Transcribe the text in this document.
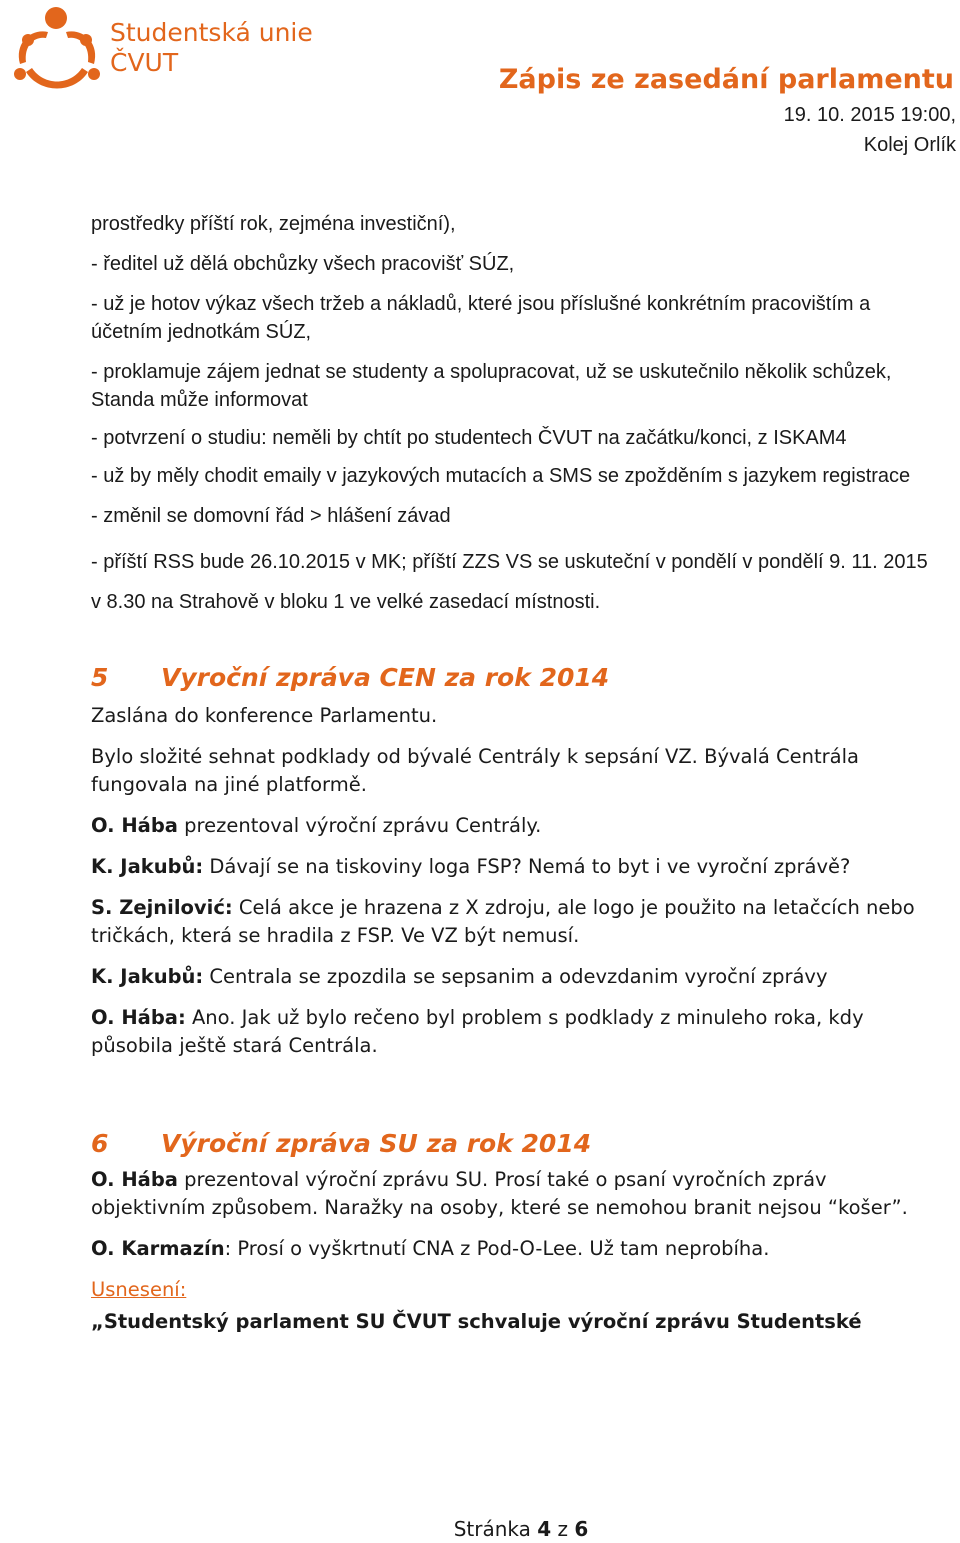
Studentská unie
ČVUT
Zápis ze zasedání parlamentu
19. 10. 2015 19:00,
Kolej Orlík

prostředky příští rok, zejména investiční),

- ředitel už dělá obchůzky všech pracovišť SÚZ,

- už je hotov výkaz všech tržeb a nákladů, které jsou příslušné konkrétním pracovištím a účetním jednotkám SÚZ,

- proklamuje zájem jednat se studenty a spolupracovat, už se uskutečnilo několik schůzek, Standa může informovat

- potvrzení o studiu: neměli by chtít po studentech ČVUT na začátku/konci, z ISKAM4

- už by měly chodit emaily v jazykových mutacích a SMS se zpožděním s jazykem registrace

- změnil se domovní řád > hlášení závad

- příští RSS bude 26.10.2015 v MK; příští ZZS VS se uskuteční v pondělí v pondělí 9. 11. 2015 v 8.30 na Strahově v bloku 1 ve velké zasedací místnosti.

5 Vyroční zpráva CEN za rok 2014

Zaslána do konference Parlamentu.

Bylo složité sehnat podklady od bývalé Centrály k sepsání VZ. Bývalá Centrála fungovala na jiné platformě.

O. Hába prezentoval výroční zprávu Centrály.

K. Jakubů: Dávají se na tiskoviny loga FSP? Nemá to byt i ve vyroční zprávě?

S. Zejnilović: Celá akce je hrazena z X zdroju, ale logo je použito na letačcích nebo tričkách, která se hradila z FSP. Ve VZ být nemusí.

K. Jakubů: Centrala se zpozdila se sepsanim a odevzdanim vyroční zprávy

O. Hába: Ano. Jak už bylo rečeno byl problem s podklady z minuleho roka, kdy působila ještě stará Centrála.

6 Výroční zpráva SU za rok 2014

O. Hába prezentoval výroční zprávu SU. Prosí také o psaní vyročních zpráv objektivním způsobem. Naražky na osoby, které se nemohou branit nejsou “košer”.

O. Karmazín: Prosí o vyškrtnutí CNA z Pod-O-Lee. Už tam neprobíha.

Usnesení:

„Studentský parlament SU ČVUT schvaluje výroční zprávu Studentské

Stránka 4 z 6
